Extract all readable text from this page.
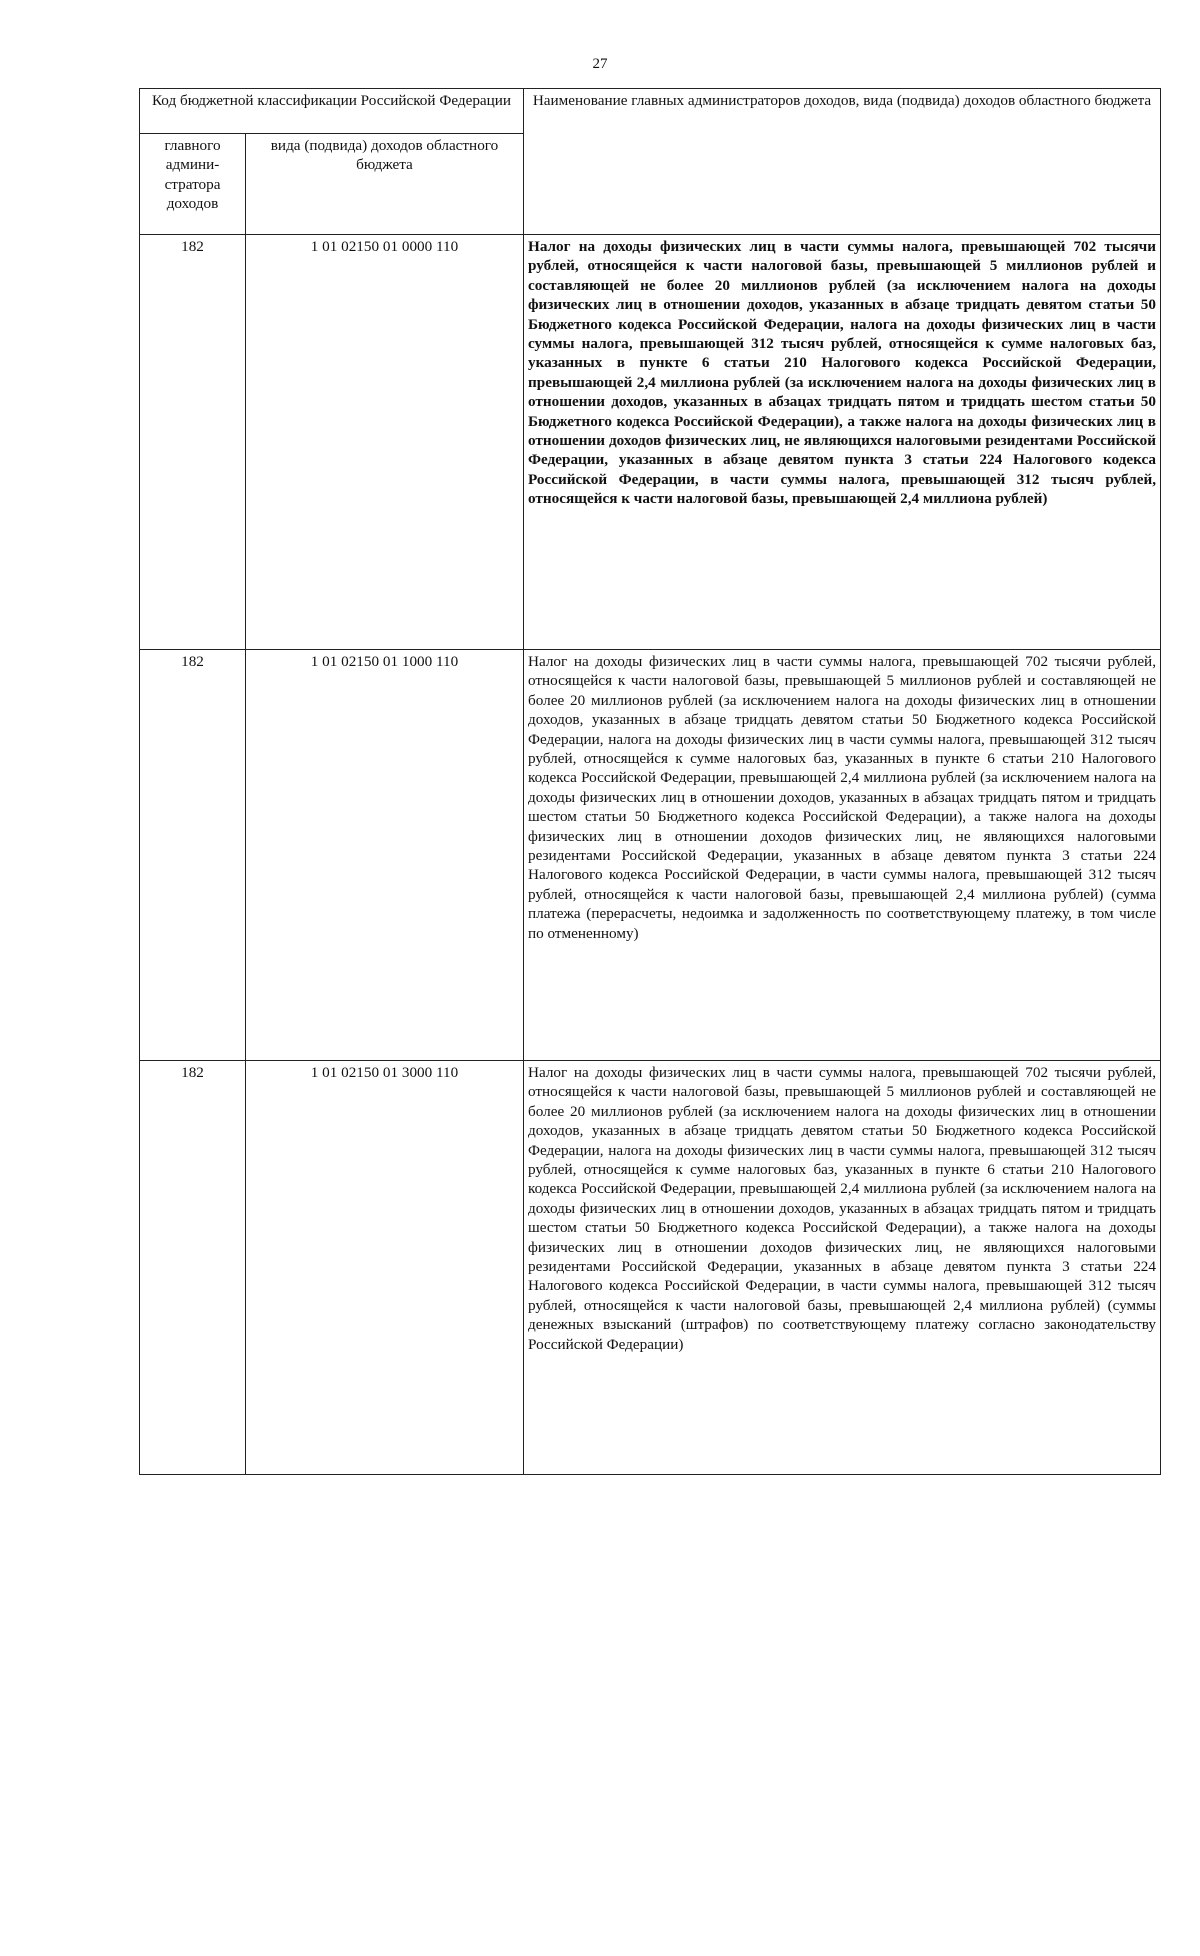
27
Код бюджетной классификации Российской Федерации		Наименование главных администраторов доходов, вида (подвида) доходов областного бюджета
главного админи-стратора доходов	вида (подвида) доходов областного бюджета	
182	1 01 02150 01 0000 110	Налог на доходы физических лиц в части суммы налога, превышающей 702 тысячи рублей, относящейся к части налоговой базы, превышающей 5 миллионов рублей и составляющей не более 20 миллионов рублей (за исключением налога на доходы физических лиц в отношении доходов, указанных в абзаце тридцать девятом статьи 50 Бюджетного кодекса Российской Федерации, налога на доходы физических лиц в части суммы налога, превышающей 312 тысяч рублей, относящейся к сумме налоговых баз, указанных в пункте 6 статьи 210 Налогового кодекса Российской Федерации, превышающей 2,4 миллиона рублей (за исключением налога на доходы физических лиц в отношении доходов, указанных в абзацах тридцать пятом и тридцать шестом статьи 50 Бюджетного кодекса Российской Федерации), а также налога на доходы физических лиц в отношении доходов физических лиц, не являющихся налоговыми резидентами Российской Федерации, указанных в абзаце девятом пункта 3 статьи 224 Налогового кодекса Российской Федерации, в части суммы налога, превышающей 312 тысяч рублей, относящейся к части налоговой базы, превышающей 2,4 миллиона рублей)
182	1 01 02150 01 1000 110	Налог на доходы физических лиц в части суммы налога, превышающей 702 тысячи рублей, относящейся к части налоговой базы, превышающей 5 миллионов рублей и составляющей не более 20 миллионов рублей (за исключением налога на доходы физических лиц в отношении доходов, указанных в абзаце тридцать девятом статьи 50 Бюджетного кодекса Российской Федерации, налога на доходы физических лиц в части суммы налога, превышающей 312 тысяч рублей, относящейся к сумме налоговых баз, указанных в пункте 6 статьи 210 Налогового кодекса Российской Федерации, превышающей 2,4 миллиона рублей (за исключением налога на доходы физических лиц в отношении доходов, указанных в абзацах тридцать пятом и тридцать шестом статьи 50 Бюджетного кодекса Российской Федерации), а также налога на доходы физических лиц в отношении доходов физических лиц, не являющихся налоговыми резидентами Российской Федерации, указанных в абзаце девятом пункта 3 статьи 224 Налогового кодекса Российской Федерации, в части суммы налога, превышающей 312 тысяч рублей, относящейся к части налоговой базы, превышающей 2,4 миллиона рублей) (сумма платежа (перерасчеты, недоимка и задолженность по соответствующему платежу, в том числе по отмененному)
182	1 01 02150 01 3000 110	Налог на доходы физических лиц в части суммы налога, превышающей 702 тысячи рублей, относящейся к части налоговой базы, превышающей 5 миллионов рублей и составляющей не более 20 миллионов рублей (за исключением налога на доходы физических лиц в отношении доходов, указанных в абзаце тридцать девятом статьи 50 Бюджетного кодекса Российской Федерации, налога на доходы физических лиц в части суммы налога, превышающей 312 тысяч рублей, относящейся к сумме налоговых баз, указанных в пункте 6 статьи 210 Налогового кодекса Российской Федерации, превышающей 2,4 миллиона рублей (за исключением налога на доходы физических лиц в отношении доходов, указанных в абзацах тридцать пятом и тридцать шестом статьи 50 Бюджетного кодекса Российской Федерации), а также налога на доходы физических лиц в отношении доходов физических лиц, не являющихся налоговыми резидентами Российской Федерации, указанных в абзаце девятом пункта 3 статьи 224 Налогового кодекса Российской Федерации, в части суммы налога, превышающей 312 тысяч рублей, относящейся к части налоговой базы, превышающей 2,4 миллиона рублей) (суммы денежных взысканий (штрафов) по соответствующему платежу согласно законодательству Российской Федерации)
